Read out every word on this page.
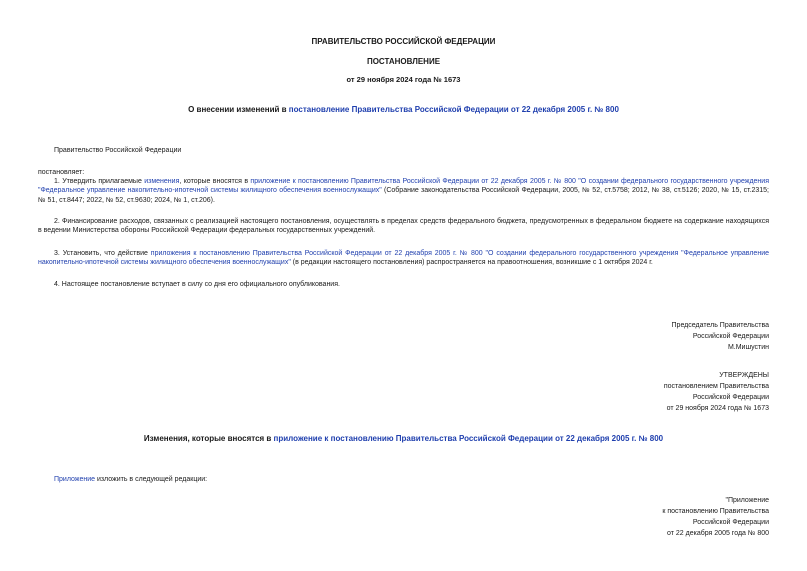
ПРАВИТЕЛЬСТВО РОССИЙСКОЙ ФЕДЕРАЦИИ
ПОСТАНОВЛЕНИЕ
от 29 ноября 2024 года № 1673
О внесении изменений в постановление Правительства Российской Федерации от 22 декабря 2005 г. № 800
Правительство Российской Федерации
постановляет:
1. Утвердить прилагаемые изменения, которые вносятся в приложение к постановлению Правительства Российской Федерации от 22 декабря 2005 г. № 800 "О создании федерального государственного учреждения "Федеральное управление накопительно-ипотечной системы жилищного обеспечения военнослужащих" (Собрание законодательства Российской Федерации, 2005, № 52, ст.5758; 2012, № 38, ст.5126; 2020, № 15, ст.2315; № 51, ст.8447; 2022, № 52, ст.9630; 2024, № 1, ст.206).
2. Финансирование расходов, связанных с реализацией настоящего постановления, осуществлять в пределах средств федерального бюджета, предусмотренных в федеральном бюджете на содержание находящихся в ведении Министерства обороны Российской Федерации федеральных государственных учреждений.
3. Установить, что действие приложения к постановлению Правительства Российской Федерации от 22 декабря 2005 г. № 800 "О создании федерального государственного учреждения "Федеральное управление накопительно-ипотечной системы жилищного обеспечения военнослужащих" (в редакции настоящего постановления) распространяется на правоотношения, возникшие с 1 октября 2024 г.
4. Настоящее постановление вступает в силу со дня его официального опубликования.
Председатель Правительства
Российской Федерации
М.Мишустин
УТВЕРЖДЕНЫ
постановлением Правительства
Российской Федерации
от 29 ноября 2024 года № 1673
Изменения, которые вносятся в приложение к постановлению Правительства Российской Федерации от 22 декабря 2005 г. № 800
Приложение изложить в следующей редакции:
"Приложение
к постановлению Правительства
Российской Федерации
от 22 декабря 2005 года № 800
